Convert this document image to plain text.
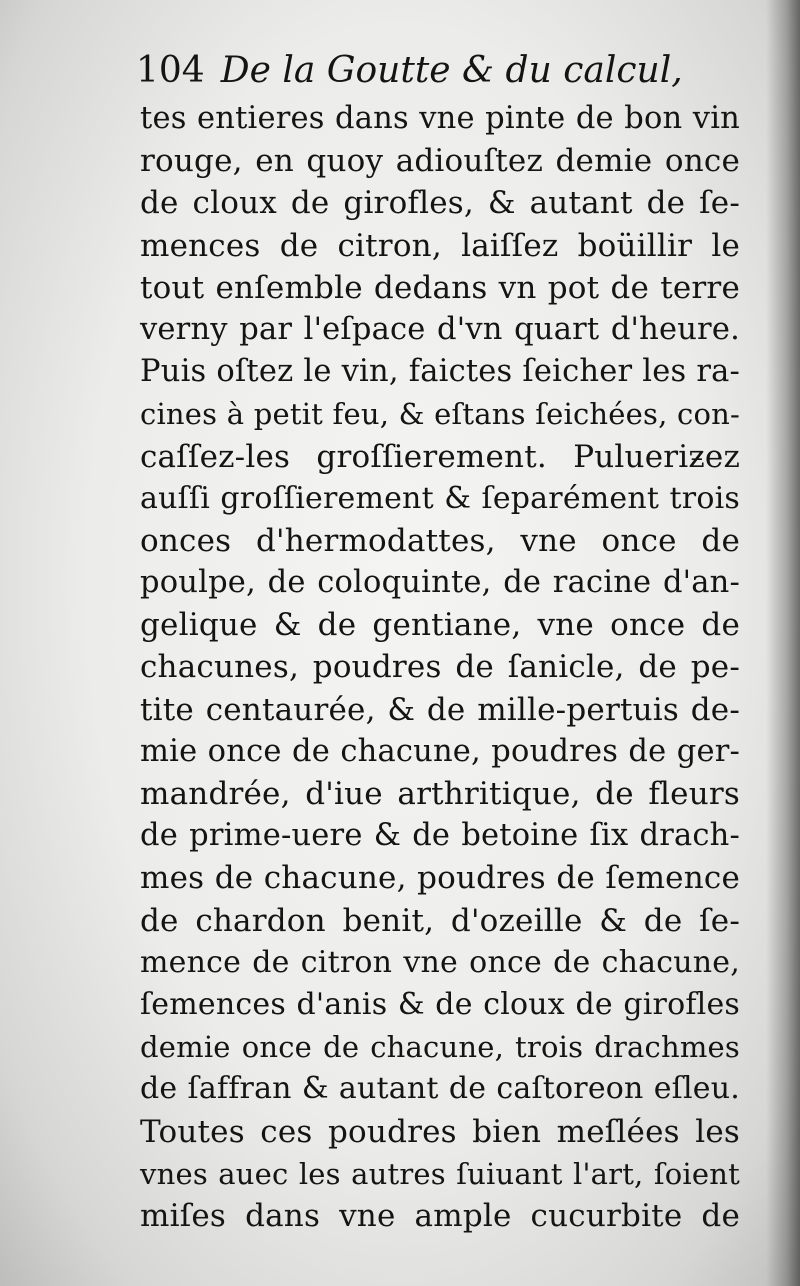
104 De la Goutte & du calcul,
tes entieres dans vne pinte de bon vin
rouge, en quoy adiouſtez demie once
de cloux de girofles, & autant de ſe-
mences de citron, laiſſez boüillir le
tout enſemble dedans vn pot de terre
verny par l'eſpace d'vn quart d'heure.
Puis oſtez le vin, faictes ſeicher les ra-
cines à petit feu, & eſtans ſeichées, con-
caſſez-les groſſierement. Pulueriƶez
auſſi groſſierement & ſeparément trois
onces d'hermodattes, vne once de
poulpe, de coloquinte, de racine d'an-
gelique & de gentiane, vne once de
chacunes, poudres de ſanicle, de pe-
tite centaurée, & de mille-pertuis de-
mie once de chacune, poudres de ger-
mandrée, d'iue arthritique, de fleurs
de prime-uere & de betoine ſix drach-
mes de chacune, poudres de ſemence
de chardon benit, d'ozeille & de ſe-
mence de citron vne once de chacune,
ſemences d'anis & de cloux de girofles
demie once de chacune, trois drachmes
de ſaffran & autant de caſtoreon eſleu.
Toutes ces poudres bien meſlées les
vnes auec les autres ſuiuant l'art, ſoient
miſes dans vne ample cucurbite de
